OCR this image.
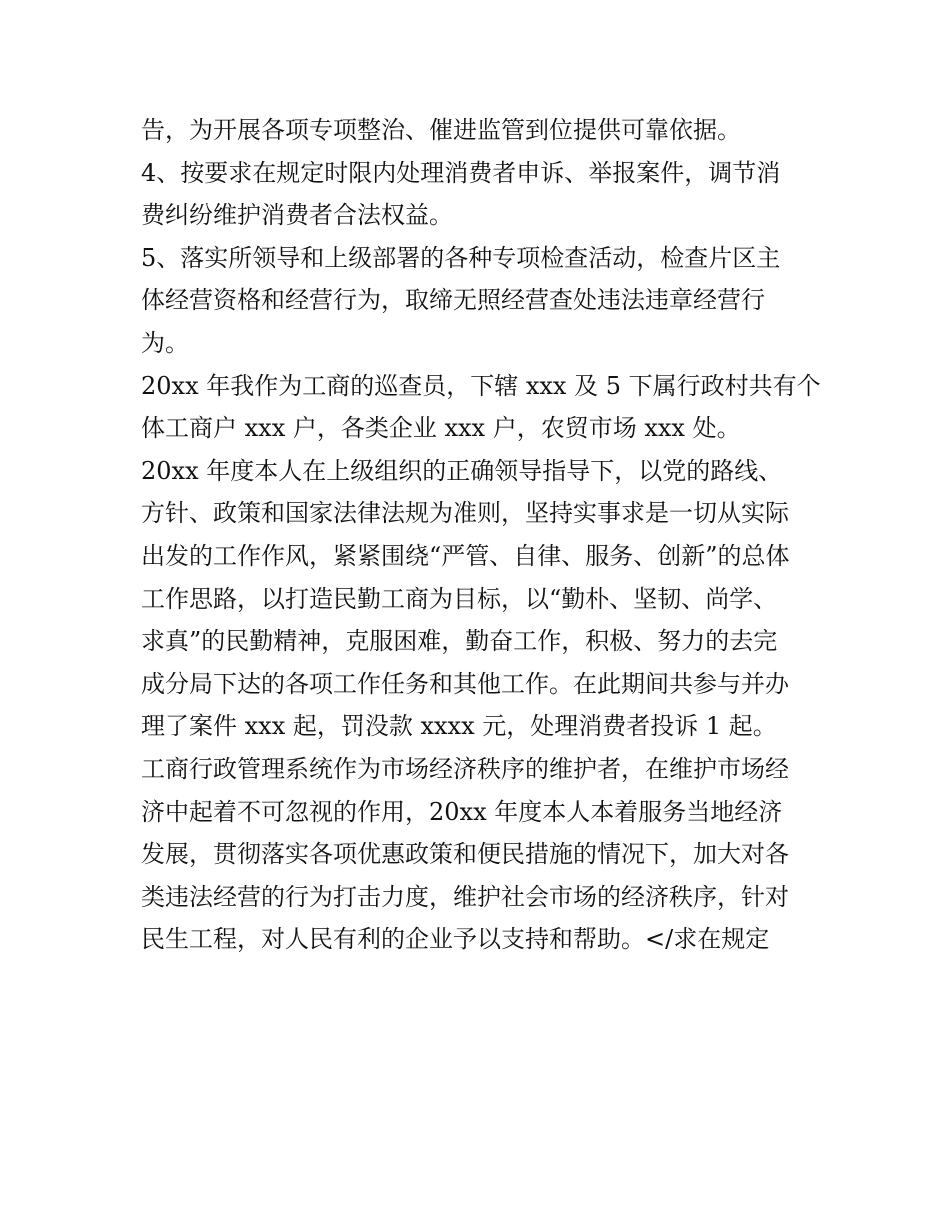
告，为开展各项专项整治、催进监管到位提供可靠依据。
4、按要求在规定时限内处理消费者申诉、举报案件，调节消
费纠纷维护消费者合法权益。
5、落实所领导和上级部署的各种专项检查活动，检查片区主
体经营资格和经营行为，取缔无照经营查处违法违章经营行
为。
20xx 年我作为工商的巡查员，下辖 xxx 及 5 下属行政村共有个
体工商户 xxx 户，各类企业 xxx 户，农贸市场 xxx 处。
20xx 年度本人在上级组织的正确领导指导下，以党的路线、
方针、政策和国家法律法规为准则，坚持实事求是一切从实际
出发的工作作风，紧紧围绕“严管、自律、服务、创新”的总体
工作思路，以打造民勤工商为目标，以“勤朴、坚韧、尚学、
求真”的民勤精神，克服困难，勤奋工作，积极、努力的去完
成分局下达的各项工作任务和其他工作。在此期间共参与并办
理了案件 xxx 起，罚没款 xxxx 元，处理消费者投诉 1 起。
工商行政管理系统作为市场经济秩序的维护者，在维护市场经
济中起着不可忽视的作用，20xx 年度本人本着服务当地经济
发展，贯彻落实各项优惠政策和便民措施的情况下，加大对各
类违法经营的行为打击力度，维护社会市场的经济秩序，针对
民生工程，对人民有利的企业予以支持和帮助。</求在规定
